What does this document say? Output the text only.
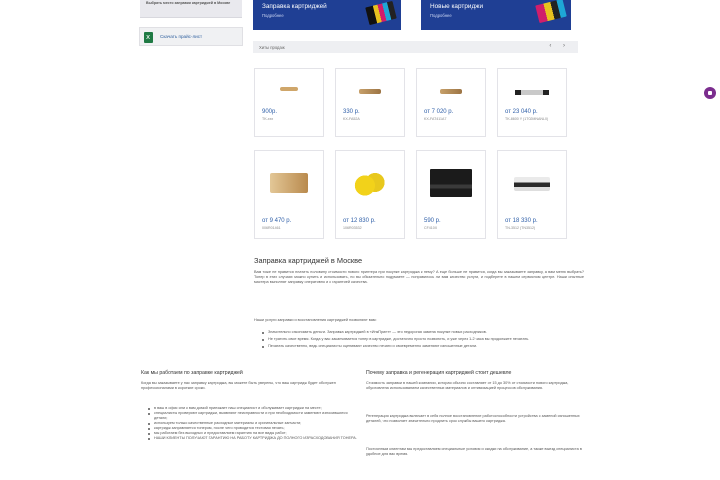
Выбрать место заправки картриджей в Москве
x
Скачать прайс-лист
Заправка картриджей
Подробнее
Новые картриджи
Подробнее
Хиты продаж	‹ ›
900р.
TK-ххх
330 р.
KX-FA52A
от 7 020 р.
KX-FAT411A7
от 23 040 р.
TK-8600 Y (1T02MNANL0)
от 9 470 р.
006R01461
от 12 830 р.
106R03532
590 р.
CF410X
от 18 330 р.
TN-3512 (TN3512)
Заправка картриджей в Москве

Вам тоже не нравится платить половину стоимости нового принтера при покупке картриджа к нему? А еще больше не нравится, когда вы заказываете заправку, а вам меню выбрать? Тонер в этих случаях можно купить и использовать, но вы обязательно подумаете — понравилось ли вам качество услуги, и подберете в нашем сервисном центре. Наши опытные мастера выполнят заправку оперативно и с гарантией качества.

Наши услуги заправки и восстановления картриджей позволяют вам:

Значительно сэкономить деньги. Заправка картриджей в «ИнкПринт» — это недорогая замена покупке новых расходников.
Не тратить свое время. Когда у вас заканчивается тонер в картридже, достаточно просто позвонить, и уже через 1-2 часа вы продолжите печатать.
Печатать качественно, ведь специалисты оценивают качество печати и своевременно заменяют изношенные детали.
Как мы работаем по заправке картриджей

Когда вы заказываете у нас заправку картриджа, вы можете быть уверены, что ваш картридж будет обслужен профессионалами в короткие сроки.

в ваш в офис или к вам домой приезжает наш специалист и обслуживает картриджи на месте;
специалисты проверяют картриджи, выявляют неисправности и при необходимости заменяют износившиеся детали;
используем только качественные расходные материалы и оригинальные запчасти;
картридж заправляется тонером, после чего проводится тестовая печать;
мы работаем без выходных и предоставляем гарантию на все виды работ;
НАШИ КЛИЕНТЫ ПОЛУЧАЮТ ГАРАНТИЮ НА РАБОТУ КАРТРИДЖА ДО ПОЛНОГО ИЗРАСХОДОВАНИЯ ТОНЕРА.
Почему заправка и регенерация картриджей стоит дешевле

Стоимость заправки в нашей компании, которая обычно составляет от 15 до 30% от стоимости нового картриджа, обусловлена использованием качественных материалов и оптимизацией процессов обслуживания.

Регенерация картриджа включает в себя полное восстановление работоспособности устройства с заменой изношенных деталей, что позволяет значительно продлить срок службы вашего картриджа.

Постоянным клиентам мы предоставляем специальные условия и скидки на обслуживание, а также выезд специалиста в удобное для вас время.
